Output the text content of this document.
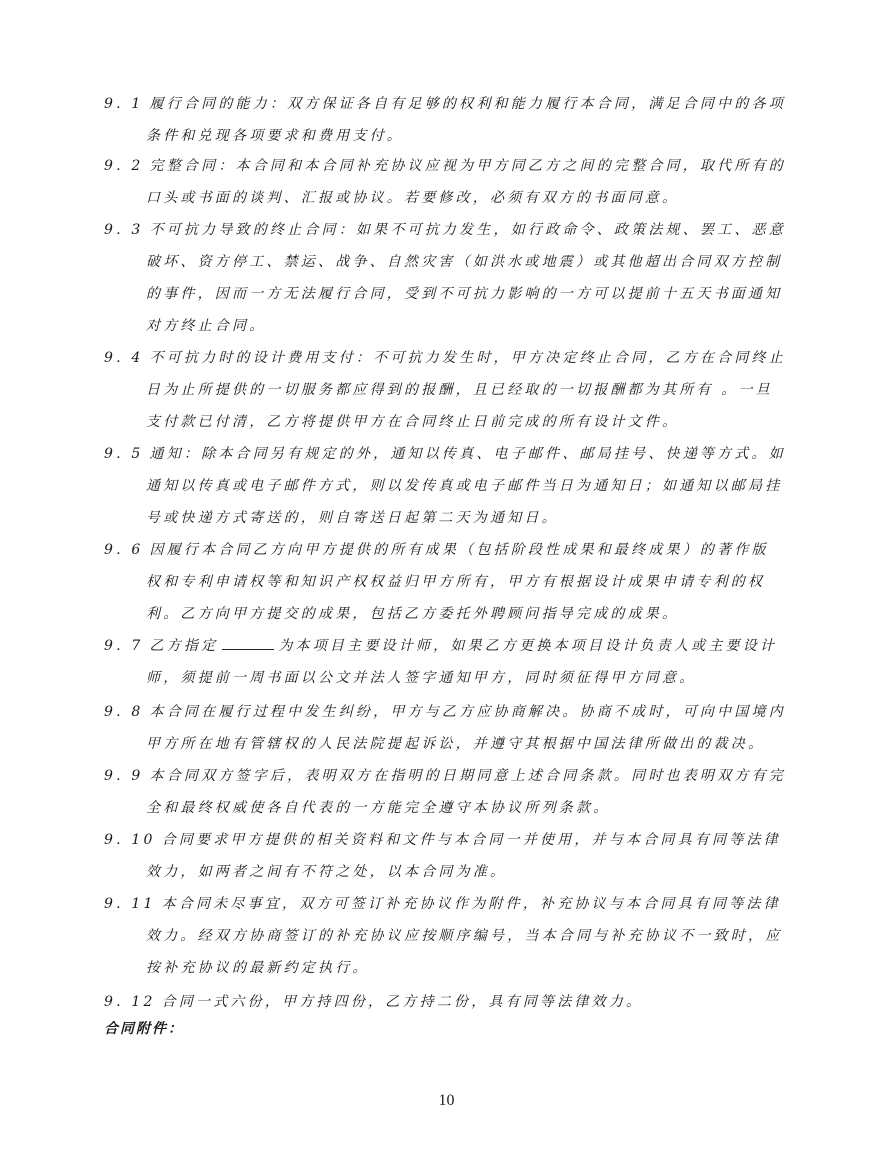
9. 1 履行合同的能力：双方保证各自有足够的权利和能力履行本合同，满足合同中的各项
条件和兑现各项要求和费用支付。
9. 2 完整合同：本合同和本合同补充协议应视为甲方同乙方之间的完整合同，取代所有的
口头或书面的谈判、汇报或协议。若要修改，必须有双方的书面同意。
9. 3 不可抗力导致的终止合同：如果不可抗力发生，如行政命令、政策法规、罢工、恶意
破坏、资方停工、禁运、战争、自然灾害（如洪水或地震）或其他超出合同双方控制
的事件，因而一方无法履行合同，受到不可抗力影响的一方可以提前十五天书面通知
对方终止合同。
9. 4 不可抗力时的设计费用支付：不可抗力发生时，甲方决定终止合同，乙方在合同终止
日为止所提供的一切服务都应得到的报酬，且已经取的一切报酬都为其所有 。一旦
支付款已付清，乙方将提供甲方在合同终止日前完成的所有设计文件。
9. 5 通知：除本合同另有规定的外，通知以传真、电子邮件、邮局挂号、快递等方式。如
通知以传真或电子邮件方式，则以发传真或电子邮件当日为通知日；如通知以邮局挂
号或快递方式寄送的，则自寄送日起第二天为通知日。
9. 6 因履行本合同乙方向甲方提供的所有成果（包括阶段性成果和最终成果）的著作版
权和专利申请权等和知识产权权益归甲方所有，甲方有根据设计成果申请专利的权
利。乙方向甲方提交的成果，包括乙方委托外聘顾问指导完成的成果。
9. 7 乙方指定	为本项目主要设计师，如果乙方更换本项目设计负责人或主要设计
师，须提前一周书面以公文并法人签字通知甲方，同时须征得甲方同意。
9. 8 本合同在履行过程中发生纠纷，甲方与乙方应协商解决。协商不成时，可向中国境内
甲方所在地有管辖权的人民法院提起诉讼，并遵守其根据中国法律所做出的裁决。
9. 9 本合同双方签字后，表明双方在指明的日期同意上述合同条款。同时也表明双方有完
全和最终权威使各自代表的一方能完全遵守本协议所列条款。
9. 10 合同要求甲方提供的相关资料和文件与本合同一并使用，并与本合同具有同等法律
效力，如两者之间有不符之处，以本合同为准。
9. 11 本合同未尽事宜，双方可签订补充协议作为附件，补充协议与本合同具有同等法律
效力。经双方协商签订的补充协议应按顺序编号，当本合同与补充协议不一致时，应
按补充协议的最新约定执行。
9. 12 合同一式六份，甲方持四份，乙方持二份，具有同等法律效力。
合同附件：
10
